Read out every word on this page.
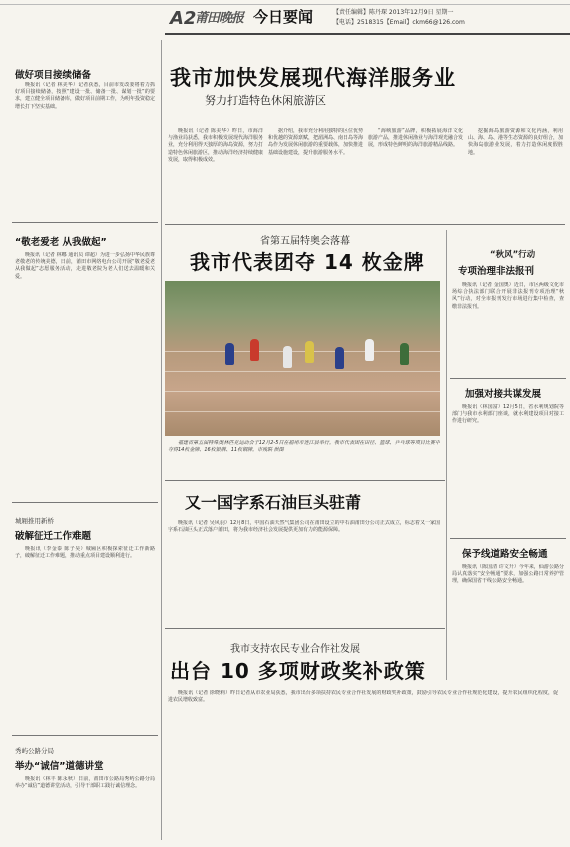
A2
莆田晚报 今日要闻	【责任编辑】陈丹琛 2013年12月9日 星期一
【电话】2518315【Email】ckm66@126.com
做好项目接续储备

晚报讯（记者 林美华）记者获悉，目前市发改委将着力抓好项目接续储备，按照“建设一批、储备一批、谋划一批”的要求，建立健全项目储备库，做好项目前期工作，为明年投资稳定增长打下坚实基础。

“敬老爱老 从我做起”

晚报讯（记者 林娜 通讯员 谭超）为进一步弘扬中华民族尊老敬老的传统美德，日前，莆田市网络电台公司开展“敬老爱老 从我做起”志愿服务活动，走进敬老院为老人们送去温暖和关爱。

城厢推用新桥
破解征迁工作难题

晚报讯（李金泰 陈子昊）城厢区积极探索征迁工作新路子，破解征迁工作难题，推动重点项目建设顺利进行。

秀屿公路分局
举办“诚信”道德讲堂

晚报讯（林丰 陈永秋）日前，莆田市公路局秀屿公路分局举办“诚信”道德讲堂活动，引导干部职工践行诚信理念。

我市加快发展现代海洋服务业
努力打造特色休闲旅游区

晚报讯（记者 陈美华）昨日，市海洋与渔业局获悉，我市积极发展现代海洋服务业，充分利用得天独厚的海岛资源，努力打造特色休闲旅游区，推动海洋经济持续健康发展，取得积极成效。

据介绍，我市充分利用独特的区位优势和优越的资源禀赋，把湄洲岛、南日岛等海岛作为发展休闲旅游的重要载体，加快推进基础设施建设，提升旅游服务水平。

“海峡旅游”品牌，积极拓展海洋文化旅游产品，推进休闲渔业与海洋观光融合发展，形成特色鲜明的海洋旅游精品线路。

挖掘海岛旅游资源和文化内涵，利用山、海、岛、港等生态资源的良好组合，加快海岛旅游业发展，着力打造休闲度假胜地。

省第五届特奥会落幕
我市代表团夺 14 枚金牌

福建省第五届特殊奥林匹克运动会于12月2-5日在福州市连江县举行。我市代表团在田径、篮球、乒乓球等项目比赛中夺得14枚金牌、16枚银牌、11枚铜牌。市残联 供图

又一国字系石油巨头驻莆

晚报讯（记者 吴风羽）12月8日，中国石油天然气集团公司在莆田设立的中石油莆田分公司正式成立，标志着又一家国字系石油巨头正式落户莆田，将为我市经济社会发展提供更加有力的能源保障。

我市支持农民专业合作社发展
出台 10 多项财政奖补政策

晚报讯（记者 徐晓莉）昨日记者从市农业局获悉，我市出台多项扶持农民专业合作社发展的财政奖补政策，鼓励引导农民专业合作社规范化建设，提升农民组织化程度，促进农民增收致富。

“秋风”行动
专项治理非法报刊

晚报讯（记者 金国奥）近日，市区两级文化市场综合执法部门联合开展非法报刊专项治理“秋风”行动，对全市报刊发行市场进行集中检查，查缴非法报刊。

加强对接共谋发展

晚报讯（林国富）12月5日，省水利规划院等部门与我市水利部门座谈，就水利建设项目对接工作进行研究。

保予线道路安全畅通

晚报讯（陈国清 许文升）今年来，仙游公路分局认真落实“安全畅通”要求，加强公路日常养护管理，确保国省干线公路安全畅通。
